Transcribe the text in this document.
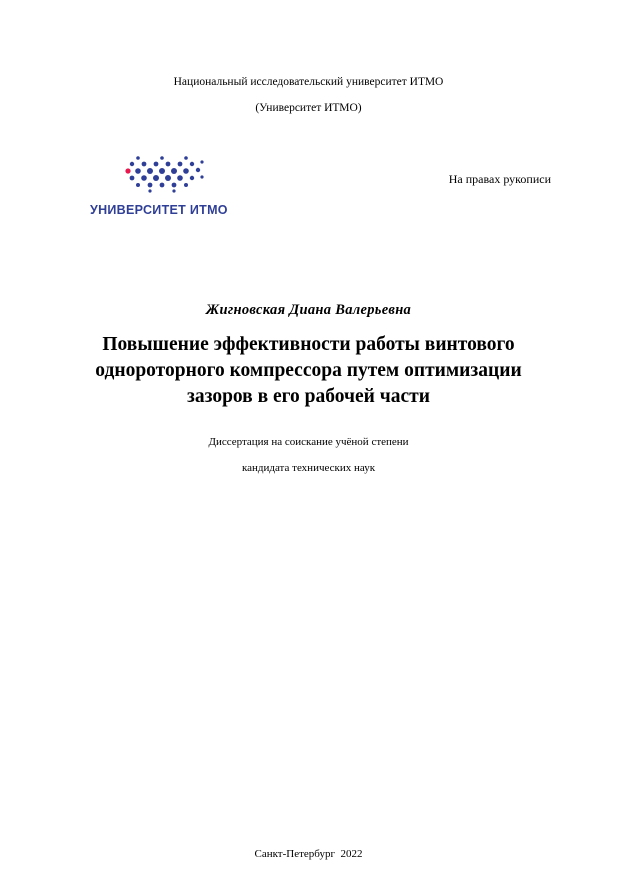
Национальный исследовательский университет ИТМО
(Университет ИТМО)
УНИВЕРСИТЕТ ИТМО
На правах рукописи
Жигновская Диана Валерьевна
Повышение эффективности работы винтового
однороторного компрессора путем оптимизации
зазоров в его рабочей части
Диссертация на соискание учёной степени
кандидата технических наук
Санкт-Петербург  2022
